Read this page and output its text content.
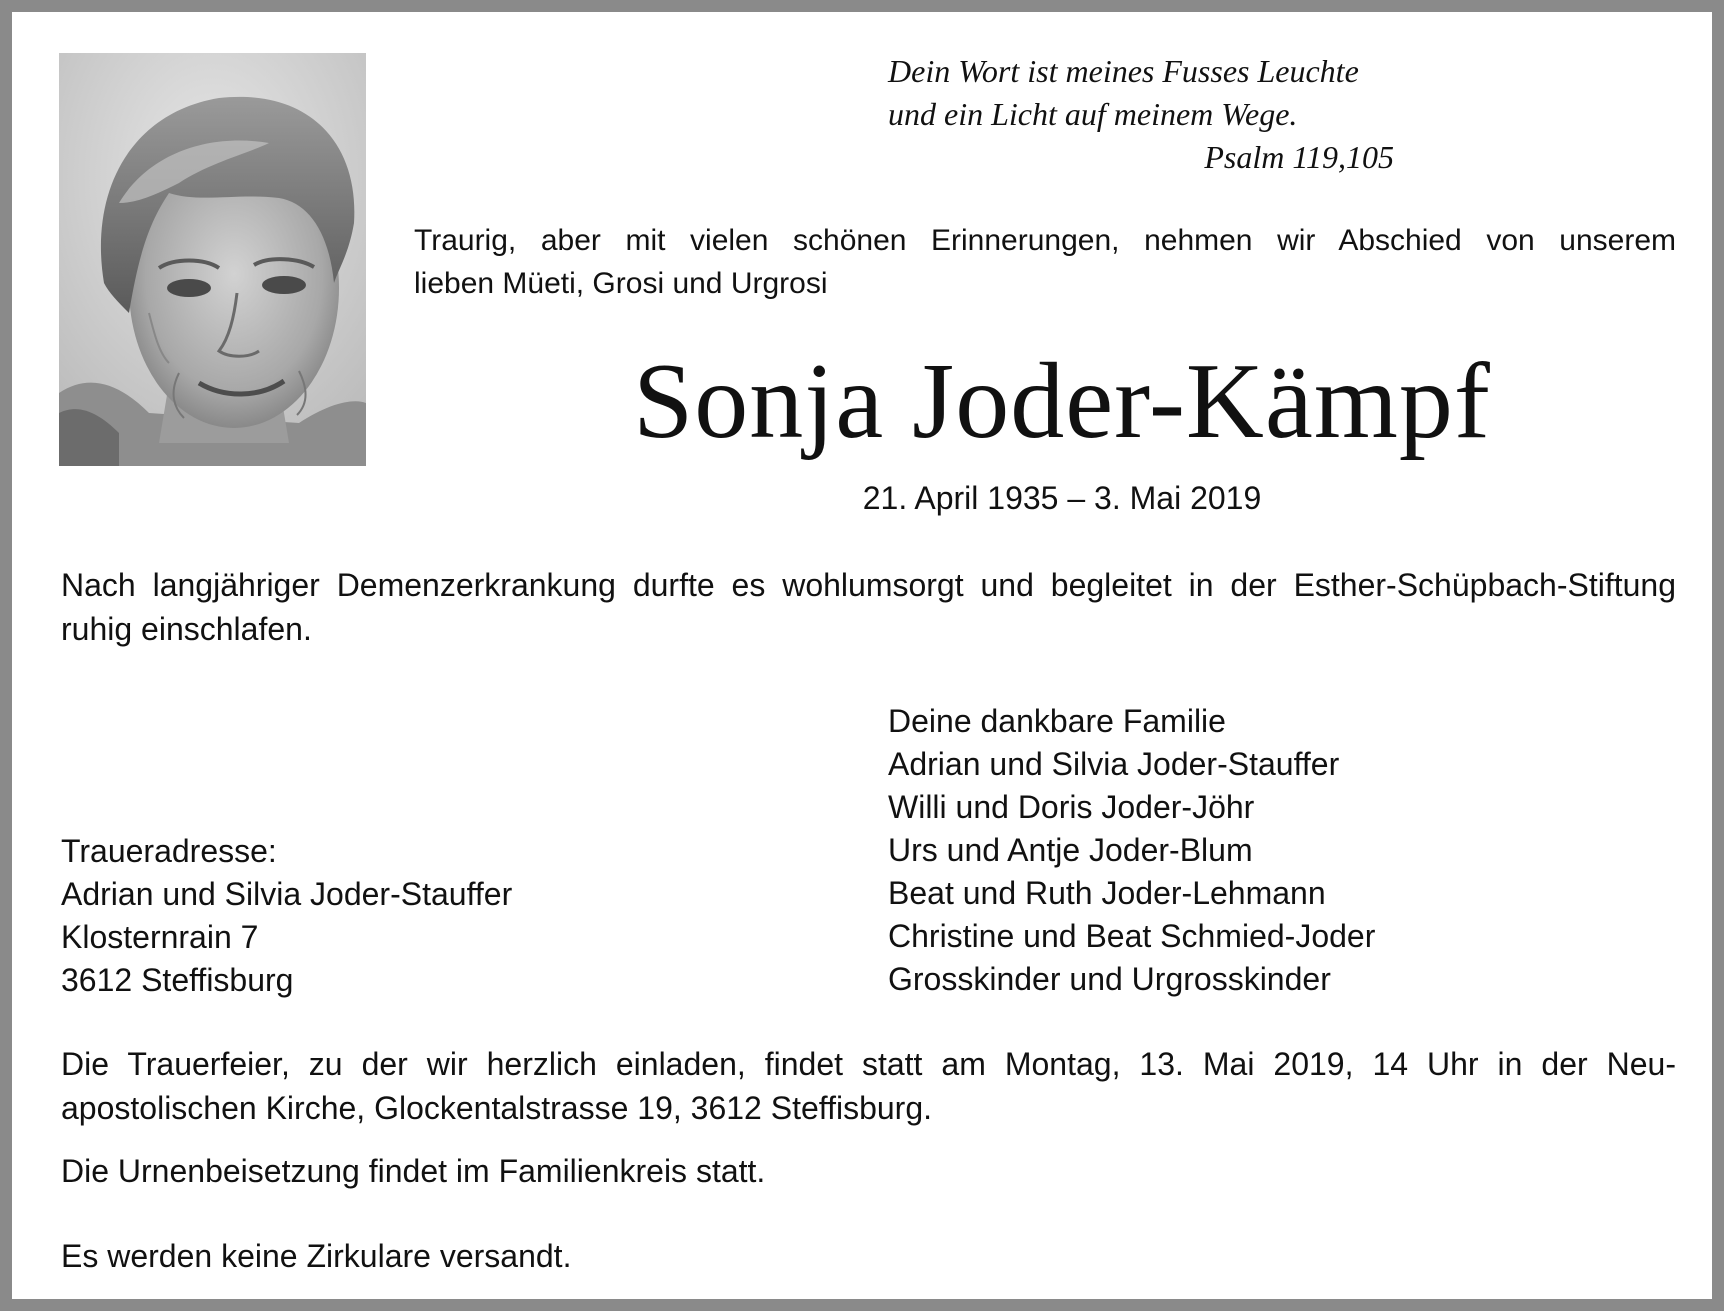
Dein Wort ist meines Fusses Leuchte
und ein Licht auf meinem Wege.
Psalm 119,105
Traurig, aber mit vielen schönen Erinnerungen, nehmen wir Abschied von unserem
lieben Müeti, Grosi und Urgrosi
Sonja Joder-Kämpf
21. April 1935 – 3. Mai 2019
Nach langjähriger Demenzerkrankung durfte es wohlumsorgt und begleitet in der Esther-Schüpbach-Stiftung
ruhig einschlafen.
Deine dankbare Familie
Adrian und Silvia Joder-Stauffer
Willi und Doris Joder-Jöhr
Urs und Antje Joder-Blum
Beat und Ruth Joder-Lehmann
Christine und Beat Schmied-Joder
Grosskinder und Urgrosskinder
Traueradresse:
Adrian und Silvia Joder-Stauffer
Klosternrain 7
3612 Steffisburg
Die Trauerfeier, zu der wir herzlich einladen, findet statt am Montag, 13. Mai 2019, 14 Uhr in der Neu-
apostolischen Kirche, Glockentalstrasse 19, 3612 Steffisburg.
Die Urnenbeisetzung findet im Familienkreis statt.
Es werden keine Zirkulare versandt.
